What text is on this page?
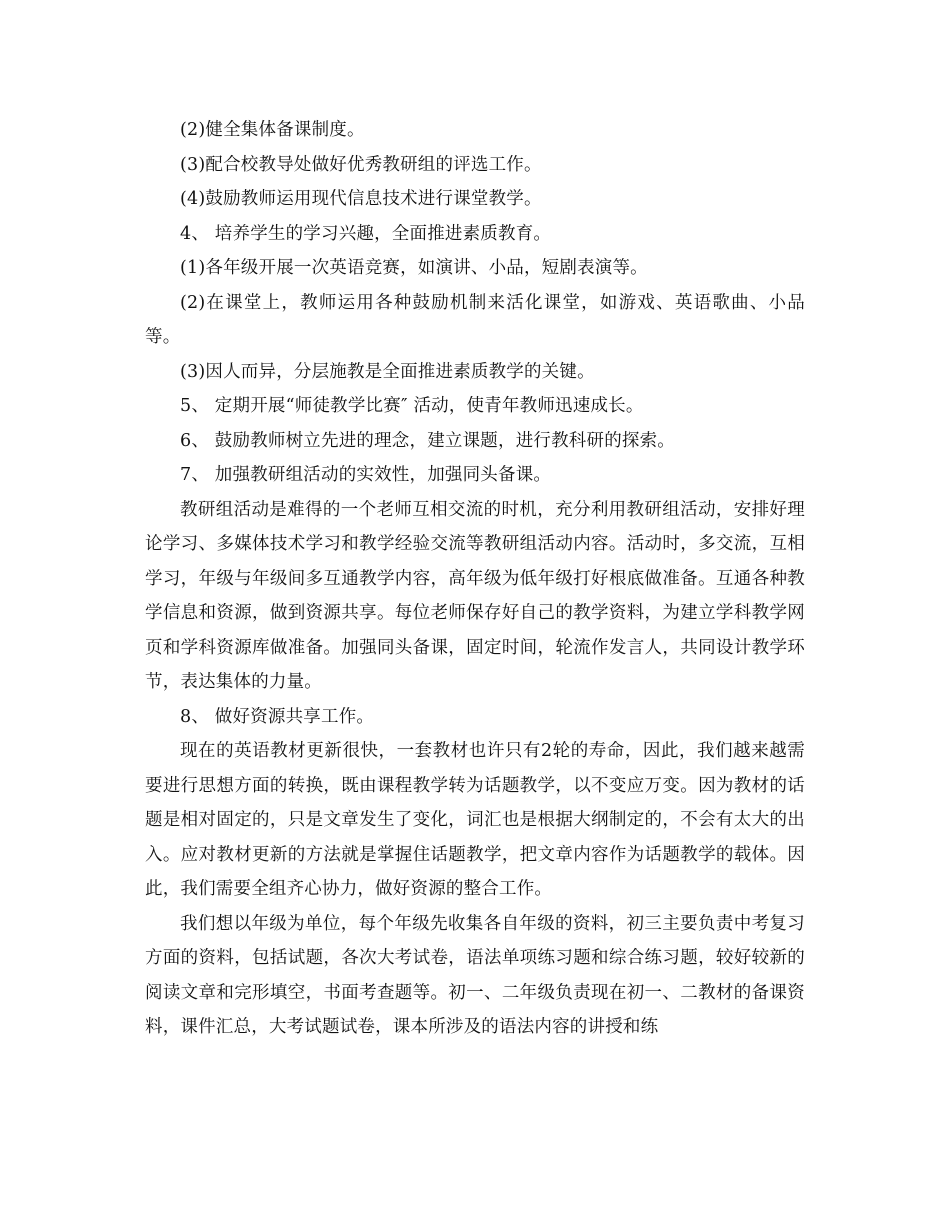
(2)健全集体备课制度。

(3)配合校教导处做好优秀教研组的评选工作。

(4)鼓励教师运用现代信息技术进行课堂教学。

4、 培养学生的学习兴趣，全面推进素质教育。

(1)各年级开展一次英语竞赛，如演讲、小品，短剧表演等。

(2)在课堂上，教师运用各种鼓励机制来活化课堂，如游戏、英语歌曲、小品等。

(3)因人而异，分层施教是全面推进素质教学的关键。

5、 定期开展“师徒教学比赛″ 活动，使青年教师迅速成长。

6、 鼓励教师树立先进的理念，建立课题，进行教科研的探索。

7、 加强教研组活动的实效性，加强同头备课。

教研组活动是难得的一个老师互相交流的时机，充分利用教研组活动，安排好理论学习、多媒体技术学习和教学经验交流等教研组活动内容。活动时，多交流，互相学习，年级与年级间多互通教学内容，高年级为低年级打好根底做准备。互通各种教学信息和资源，做到资源共享。每位老师保存好自己的教学资料，为建立学科教学网页和学科资源库做准备。加强同头备课，固定时间，轮流作发言人，共同设计教学环节，表达集体的力量。

8、 做好资源共享工作。

现在的英语教材更新很快，一套教材也许只有2轮的寿命，因此，我们越来越需要进行思想方面的转换，既由课程教学转为话题教学，以不变应万变。因为教材的话题是相对固定的，只是文章发生了变化，词汇也是根据大纲制定的，不会有太大的出入。应对教材更新的方法就是掌握住话题教学，把文章内容作为话题教学的载体。因此，我们需要全组齐心协力，做好资源的整合工作。

我们想以年级为单位，每个年级先收集各自年级的资料，初三主要负责中考复习方面的资料，包括试题，各次大考试卷，语法单项练习题和综合练习题，较好较新的阅读文章和完形填空，书面考查题等。初一、二年级负责现在初一、二教材的备课资料，课件汇总，大考试题试卷，课本所涉及的语法内容的讲授和练
